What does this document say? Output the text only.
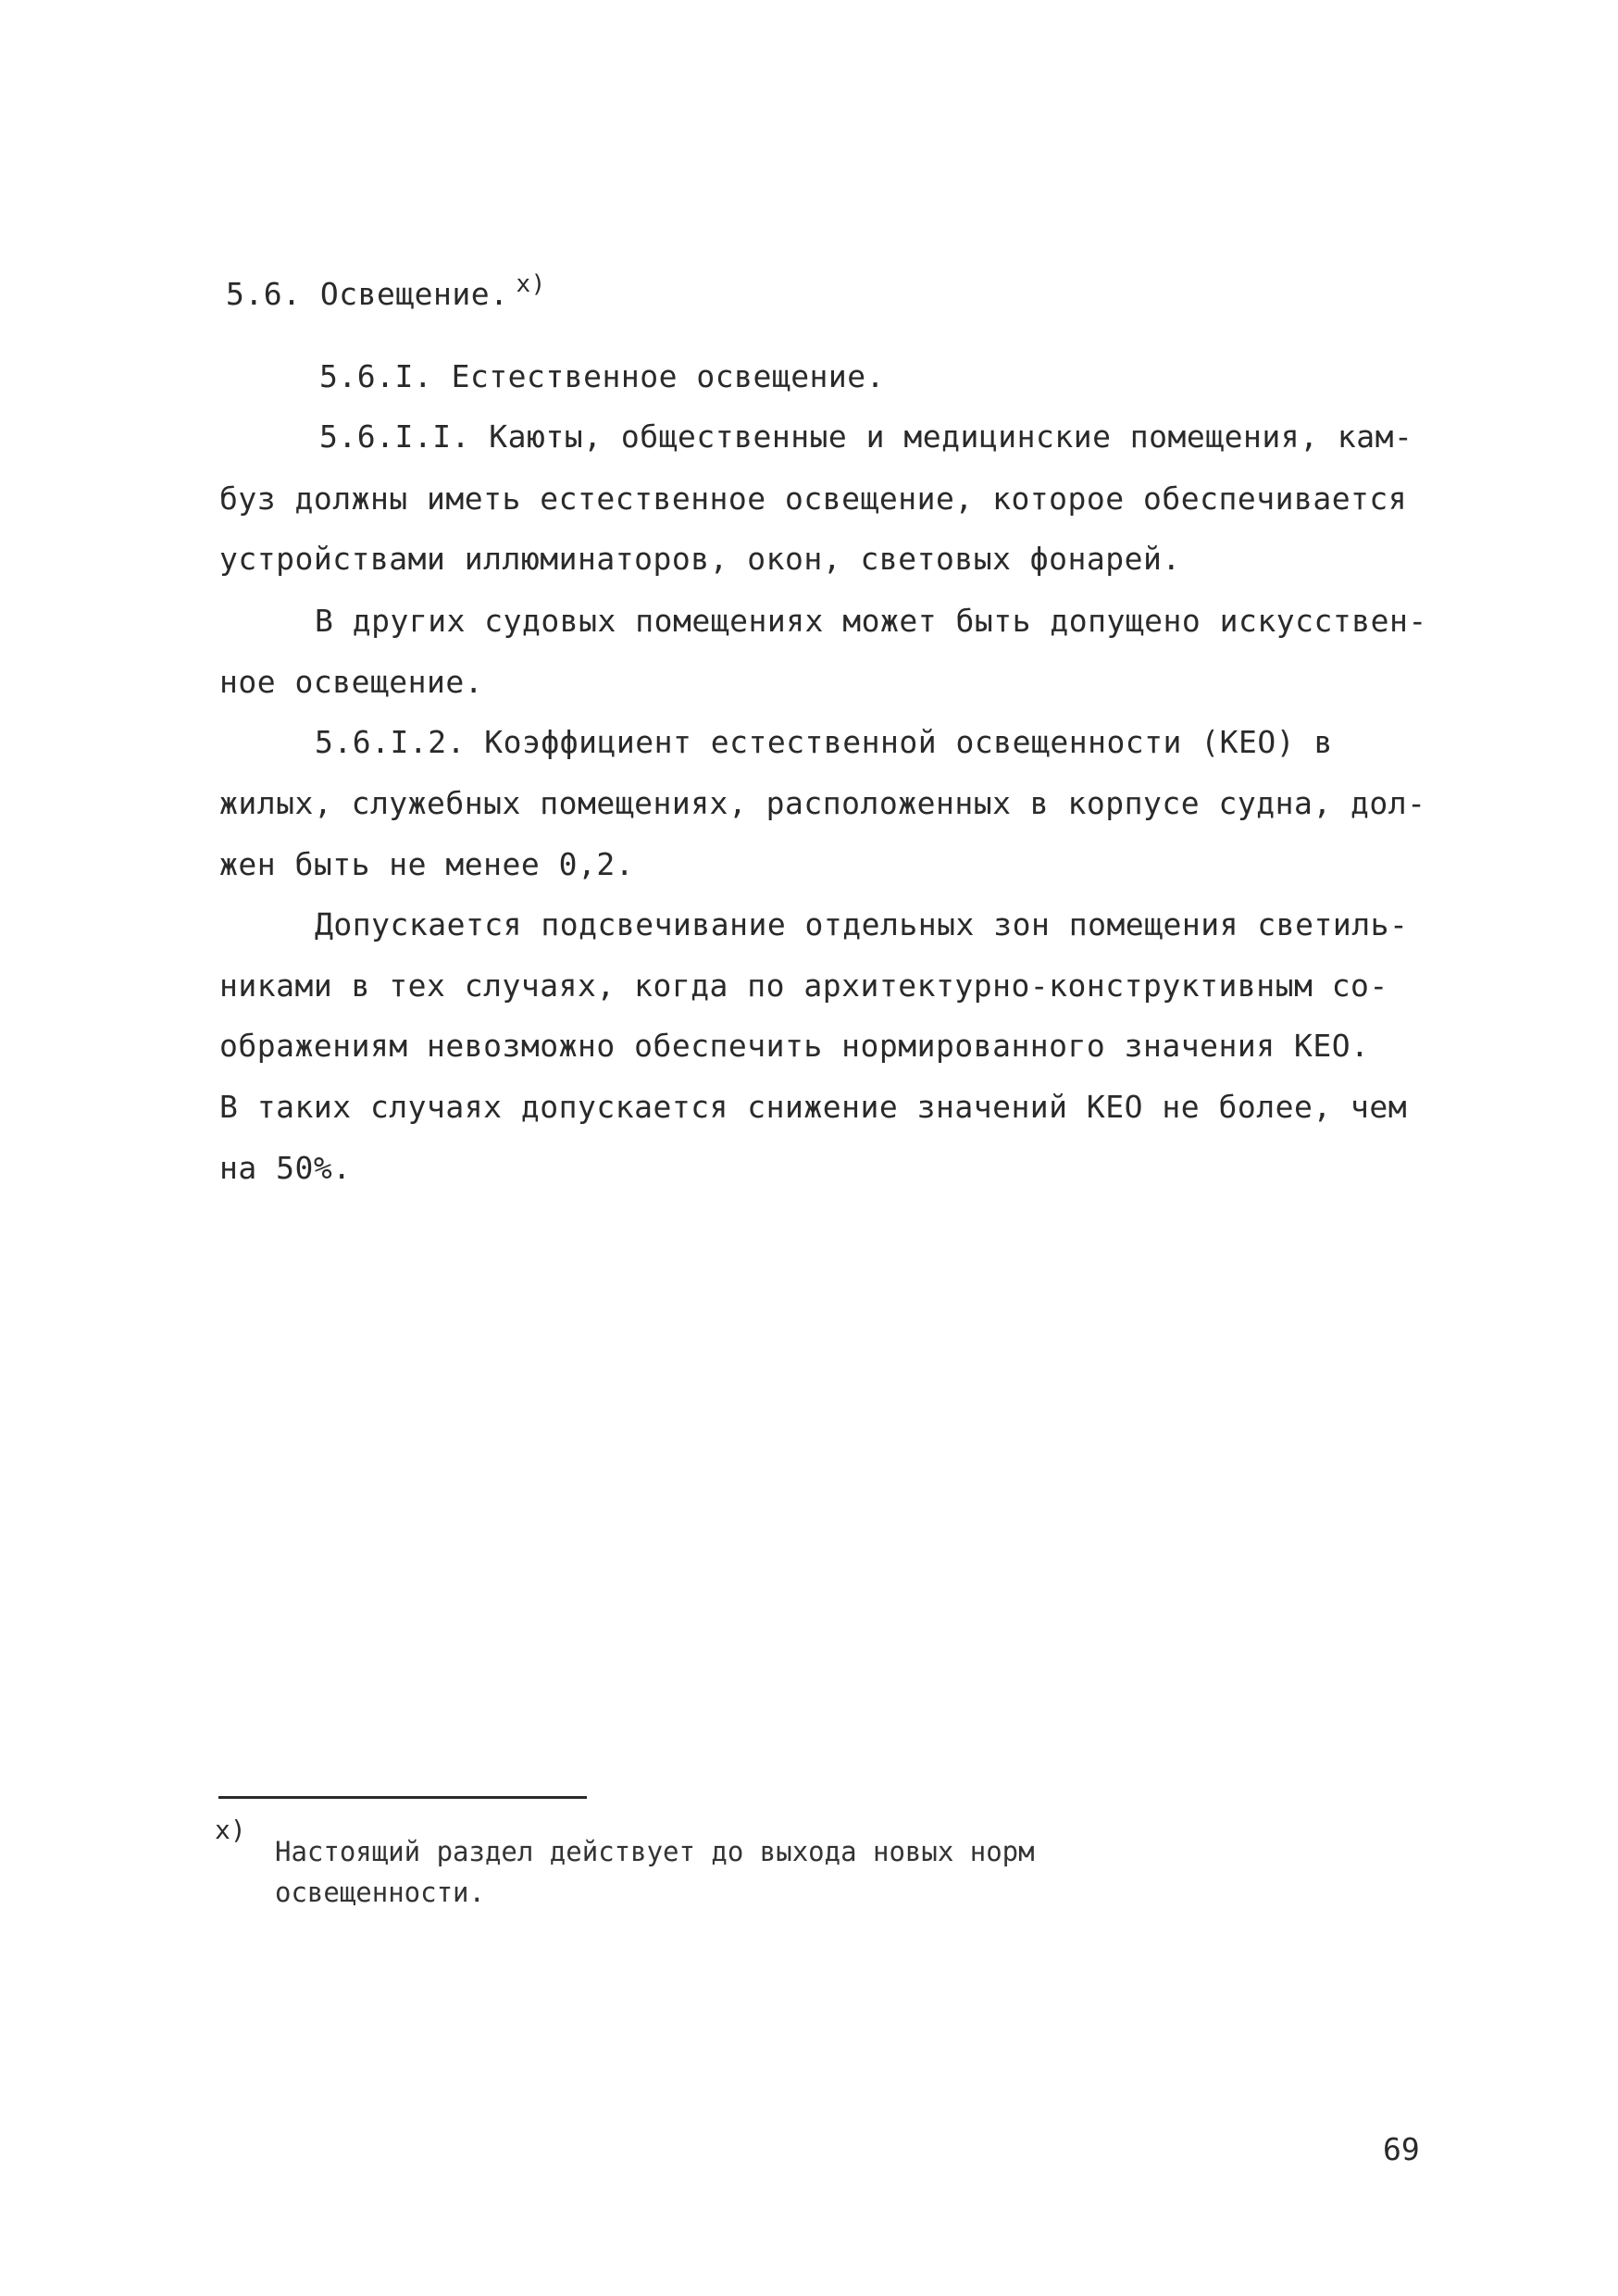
5.6. Освещение. $^{x)}$
5.6.I. Естественное освещение.
5.6.I.I. Каюты, общественные и медицинские помещения, кам-
буз должны иметь естественное освещение, которое обеспечивается
устройствами иллюминаторов, окон, световых фонарей.
В других судовых помещениях может быть допущено искусствен-
ное освещение.
5.6.I.2. Коэффициент естественной освещенности (КЕО) в
жилых, служебных помещениях, расположенных в корпусе судна, дол-
жен быть не менее 0,2.
Допускается подсвечивание отдельных зон помещения светиль-
никами в тех случаях, когда по архитектурно-конструктивным со-
ображениям невозможно обеспечить нормированного значения КЕО.
В таких случаях допускается снижение значений КЕО не более, чем
на 50%.
x)
Настоящий раздел действует до выхода новых норм
освещенности.
69
